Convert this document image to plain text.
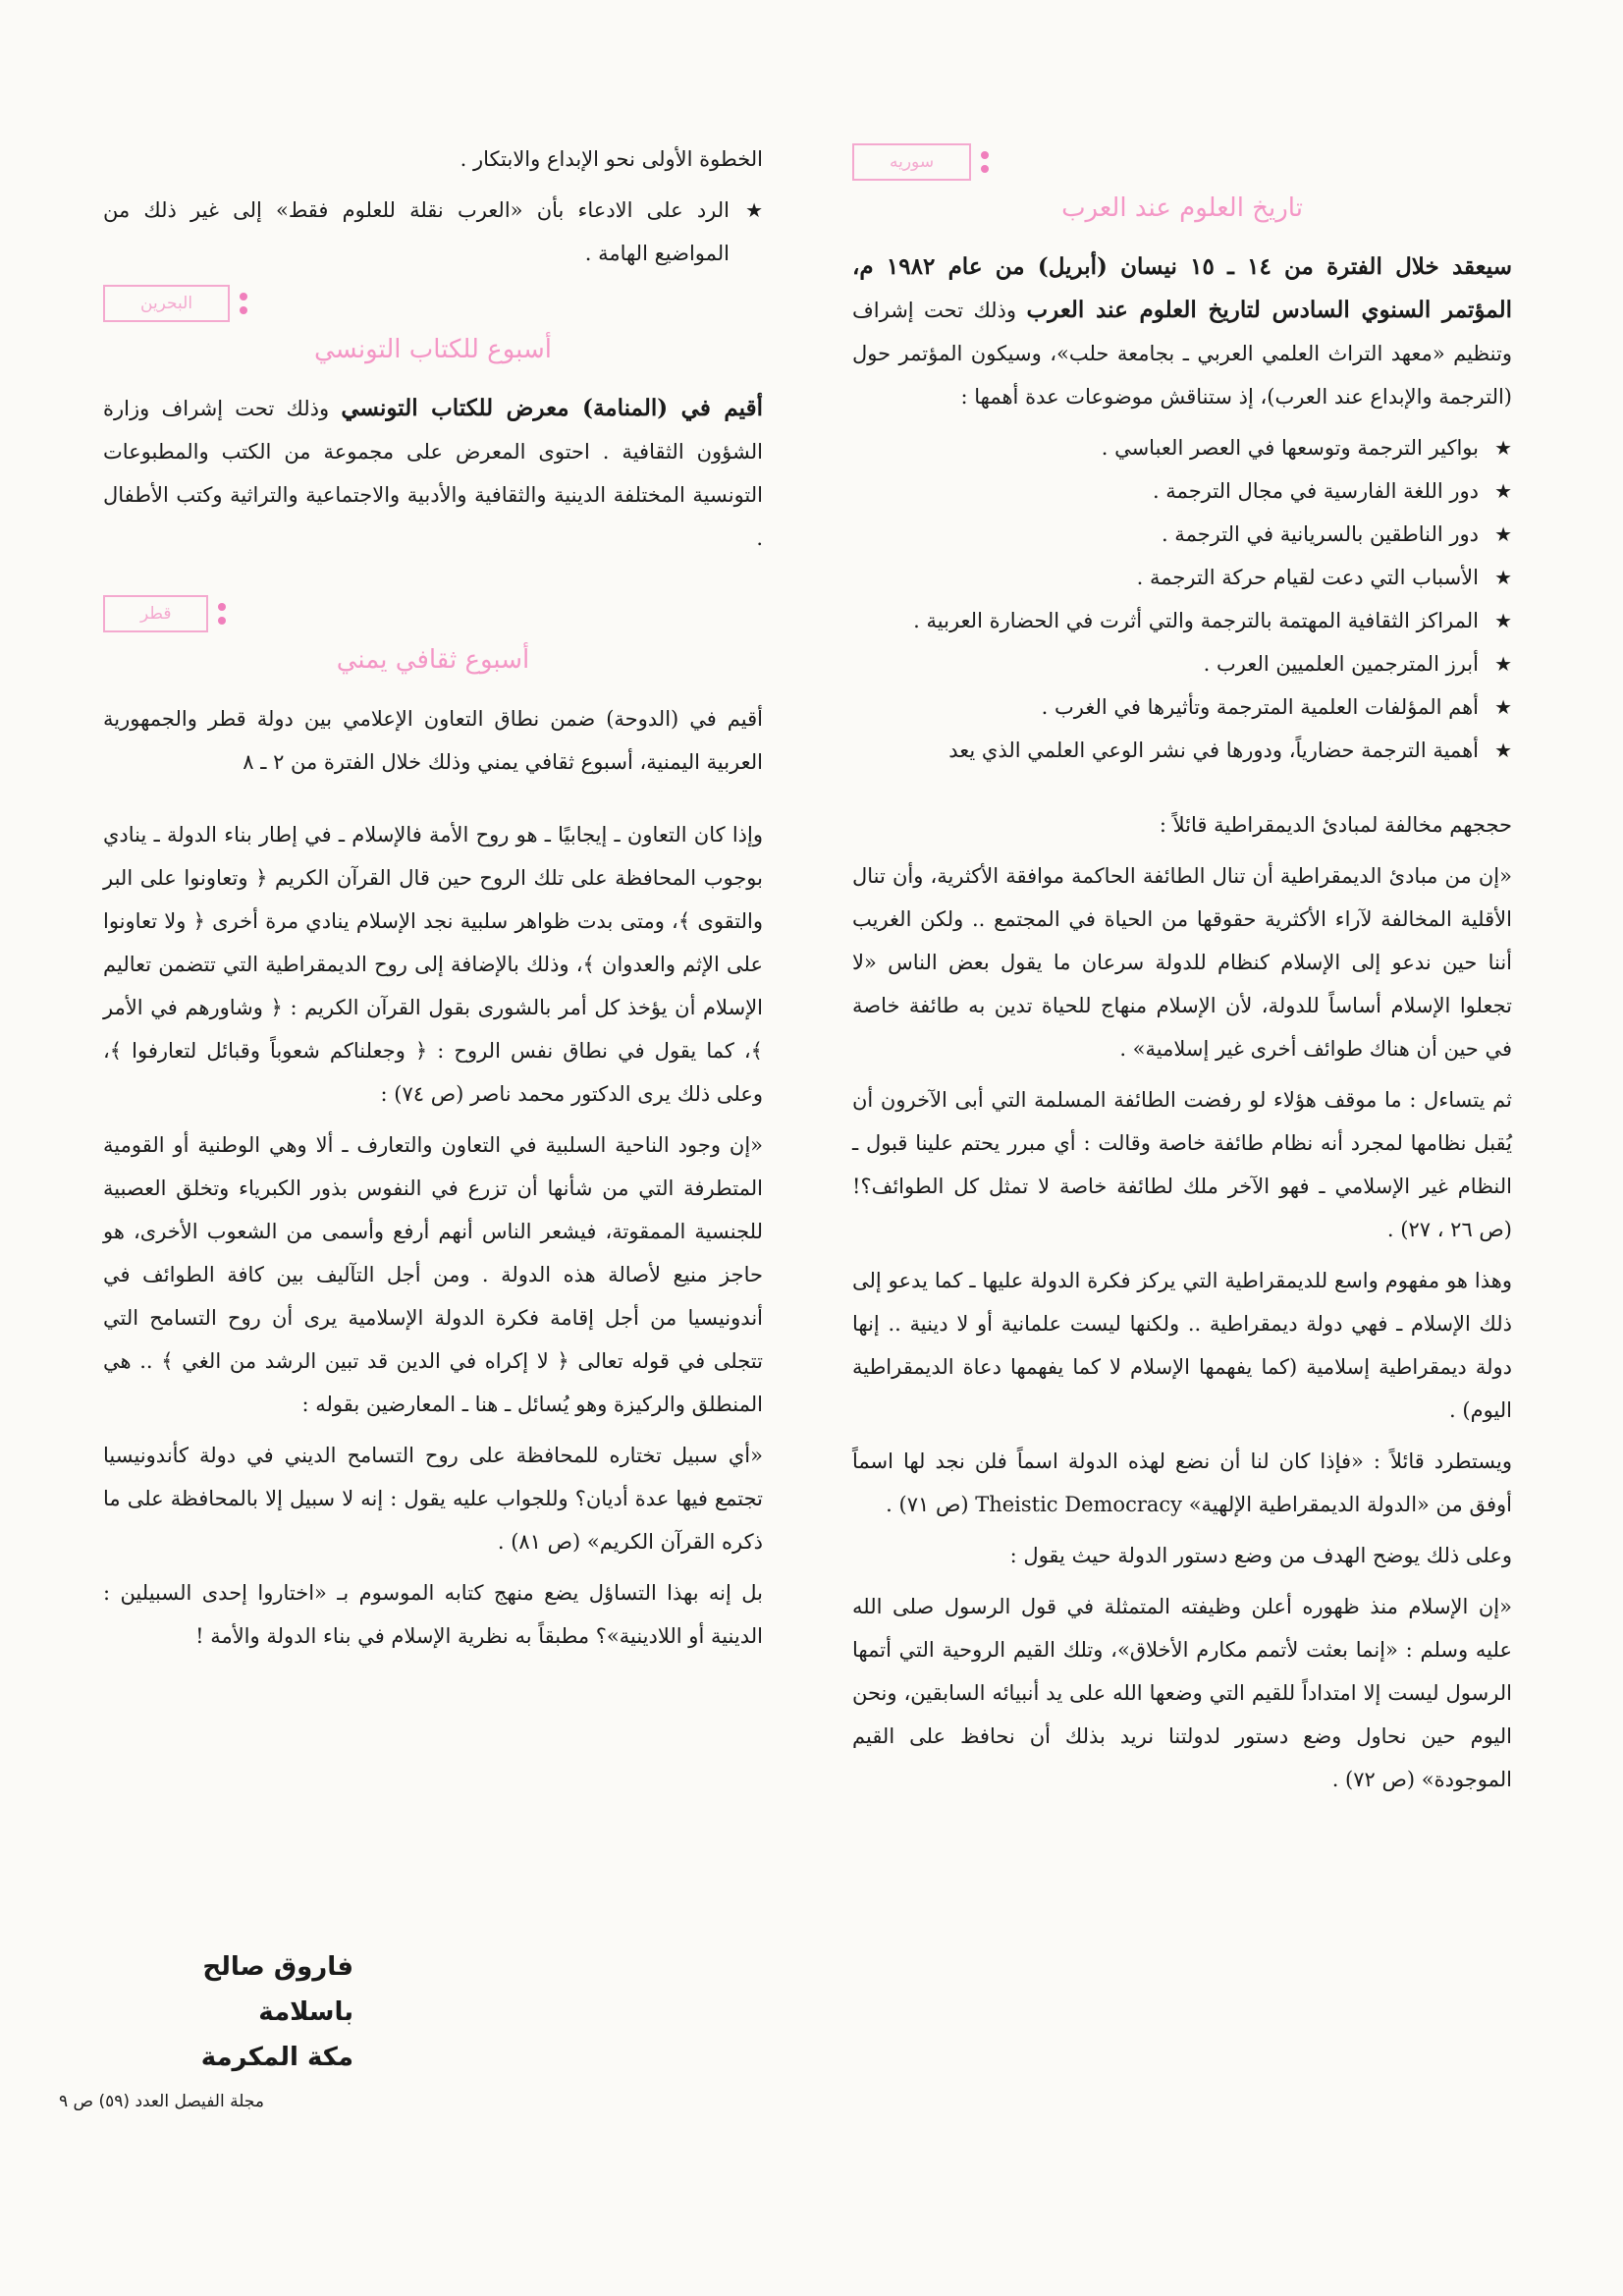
سوريه
تاريخ العلوم عند العرب

سيعقد خلال الفترة من ١٤ ـ ١٥ نيسان (أبريل) من عام ١٩٨٢ م، المؤتمر السنوي السادس لتاريخ العلوم عند العرب وذلك تحت إشراف وتنظيم «معهد التراث العلمي العربي ـ بجامعة حلب»، وسيكون المؤتمر حول (الترجمة والإبداع عند العرب)، إذ ستناقش موضوعات عدة أهمها :

★ بواكير الترجمة وتوسعها في العصر العباسي .
★ دور اللغة الفارسية في مجال الترجمة .
★ دور الناطقين بالسريانية في الترجمة .
★ الأسباب التي دعت لقيام حركة الترجمة .
★ المراكز الثقافية المهتمة بالترجمة والتي أثرت في الحضارة العربية .
★ أبرز المترجمين العلميين العرب .
★ أهم المؤلفات العلمية المترجمة وتأثيرها في الغرب .
★ أهمية الترجمة حضارياً، ودورها في نشر الوعي العلمي الذي يعد

حججهم مخالفة لمبادئ الديمقراطية قائلاً :

«إن من مبادئ الديمقراطية أن تنال الطائفة الحاكمة موافقة الأكثرية، وأن تنال الأقلية المخالفة لآراء الأكثرية حقوقها من الحياة في المجتمع .. ولكن الغريب أننا حين ندعو إلى الإسلام كنظام للدولة سرعان ما يقول بعض الناس «لا تجعلوا الإسلام أساساً للدولة، لأن الإسلام منهاج للحياة تدين به طائفة خاصة في حين أن هناك طوائف أخرى غير إسلامية» .

ثم يتساءل : ما موقف هؤلاء لو رفضت الطائفة المسلمة التي أبى الآخرون أن يُقبل نظامها لمجرد أنه نظام طائفة خاصة وقالت : أي مبرر يحتم علينا قبول ـ النظام غير الإسلامي ـ فهو الآخر ملك لطائفة خاصة لا تمثل كل الطوائف؟! (ص ٢٦ ، ٢٧) .

وهذا هو مفهوم واسع للديمقراطية التي يركز فكرة الدولة عليها ـ كما يدعو إلى ذلك الإسلام ـ فهي دولة ديمقراطية .. ولكنها ليست علمانية أو لا دينية .. إنها دولة ديمقراطية إسلامية (كما يفهمها الإسلام لا كما يفهمها دعاة الديمقراطية اليوم) .

ويستطرد قائلاً : «فإذا كان لنا أن نضع لهذه الدولة اسماً فلن نجد لها اسماً أوفق من «الدولة الديمقراطية الإلهية» Theistic Democracy (ص ٧١) .

وعلى ذلك يوضح الهدف من وضع دستور الدولة حيث يقول :

«إن الإسلام منذ ظهوره أعلن وظيفته المتمثلة في قول الرسول صلى الله عليه وسلم : «إنما بعثت لأتمم مكارم الأخلاق»، وتلك القيم الروحية التي أتمها الرسول ليست إلا امتداداً للقيم التي وضعها الله على يد أنبيائه السابقين، ونحن اليوم حين نحاول وضع دستور لدولتنا نريد بذلك أن نحافظ على القيم الموجودة» (ص ٧٢) .

الخطوة الأولى نحو الإبداع والابتكار .

★ الرد على الادعاء بأن «العرب نقلة للعلوم فقط» إلى غير ذلك من المواضيع الهامة .
البحرين
أسبوع للكتاب التونسي

أقيم في (المنامة) معرض للكتاب التونسي وذلك تحت إشراف وزارة الشؤون الثقافية . احتوى المعرض على مجموعة من الكتب والمطبوعات التونسية المختلفة الدينية والثقافية والأدبية والاجتماعية والتراثية وكتب الأطفال .

قطر
أسبوع ثقافي يمني

أقيم في (الدوحة) ضمن نطاق التعاون الإعلامي بين دولة قطر والجمهورية العربية اليمنية، أسبوع ثقافي يمني وذلك خلال الفترة من ٢ ـ ٨

وإذا كان التعاون ـ إيجابيًا ـ هو روح الأمة فالإسلام ـ في إطار بناء الدولة ـ ينادي بوجوب المحافظة على تلك الروح حين قال القرآن الكريم ﴿ وتعاونوا على البر والتقوى ﴾، ومتى بدت ظواهر سلبية نجد الإسلام ينادي مرة أخرى ﴿ ولا تعاونوا على الإثم والعدوان ﴾، وذلك بالإضافة إلى روح الديمقراطية التي تتضمن تعاليم الإسلام أن يؤخذ كل أمر بالشورى بقول القرآن الكريم : ﴿ وشاورهم في الأمر ﴾، كما يقول في نطاق نفس الروح : ﴿ وجعلناكم شعوباً وقبائل لتعارفوا ﴾، وعلى ذلك يرى الدكتور محمد ناصر (ص ٧٤) :

«إن وجود الناحية السلبية في التعاون والتعارف ـ ألا وهي الوطنية أو القومية المتطرفة التي من شأنها أن تزرع في النفوس بذور الكبرياء وتخلق العصبية للجنسية الممقوتة، فيشعر الناس أنهم أرفع وأسمى من الشعوب الأخرى، هو حاجز منيع لأصالة هذه الدولة . ومن أجل التآليف بين كافة الطوائف في أندونيسيا من أجل إقامة فكرة الدولة الإسلامية يرى أن روح التسامح التي تتجلى في قوله تعالى ﴿ لا إكراه في الدين قد تبين الرشد من الغي ﴾ .. هي المنطلق والركيزة وهو يُسائل ـ هنا ـ المعارضين بقوله :

«أي سبيل تختاره للمحافظة على روح التسامح الديني في دولة كأندونيسيا تجتمع فيها عدة أديان؟ وللجواب عليه يقول : إنه لا سبيل إلا بالمحافظة على ما ذكره القرآن الكريم» (ص ٨١) .

بل إنه بهذا التساؤل يضع منهج كتابه الموسوم بـ «اختاروا إحدى السبيلين : الدينية أو اللادينية»؟ مطبقاً به نظرية الإسلام في بناء الدولة والأمة !

فاروق صالح باسلامة
مكة المكرمة
مجلة الفيصل العدد (٥٩) ص ٩
